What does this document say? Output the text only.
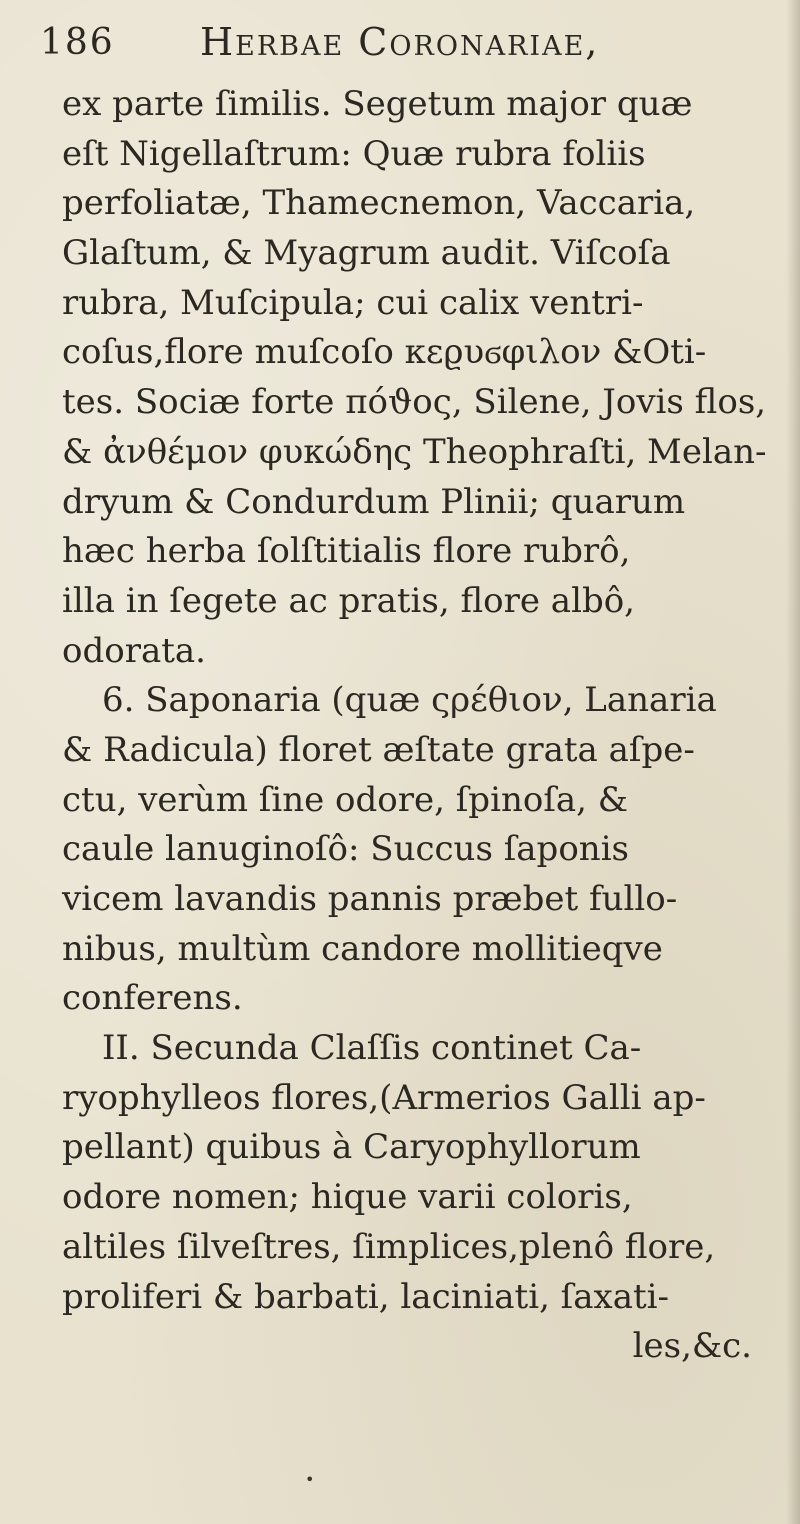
186 Herbae Coronariae,
ex parte ſimilis. Segetum major quæ
eſt Nigellaſtrum: Quæ rubra foliis
perfoliatæ, Thamecnemon, Vaccaria,
Glaſtum, & Myagrum audit. Viſcoſa
rubra, Muſcipula; cui calix ventri-
coſus,flore muſcoſo κεϱυϭφιλον &Oti-
tes. Sociæ forte πόϑος, Silene, Jovis flos,
& ἀνθέμον φυκώδης Theophraſti, Melan-
dryum & Condurdum Plinii; quarum
hæc herba ſolſtitialis flore rubrô,
illa in ſegete ac pratis, flore albô,
odorata.
6. Saponaria (quæ ςρέθιον, Lanaria
& Radicula) floret æſtate grata aſpe-
ctu, verùm ſine odore, ſpinoſa, &
caule lanuginoſô: Succus ſaponis
vicem lavandis pannis præbet fullo-
nibus, multùm candore mollitieqve
conferens.
II. Secunda Claſſis continet Ca-
ryophylleos flores,(Armerios Galli ap-
pellant) quibus à Caryophyllorum
odore nomen; hique varii coloris,
altiles ſilveſtres, ſimplices,plenô flore,
proliferi & barbati, laciniati, ſaxati-
les,&c.
•
